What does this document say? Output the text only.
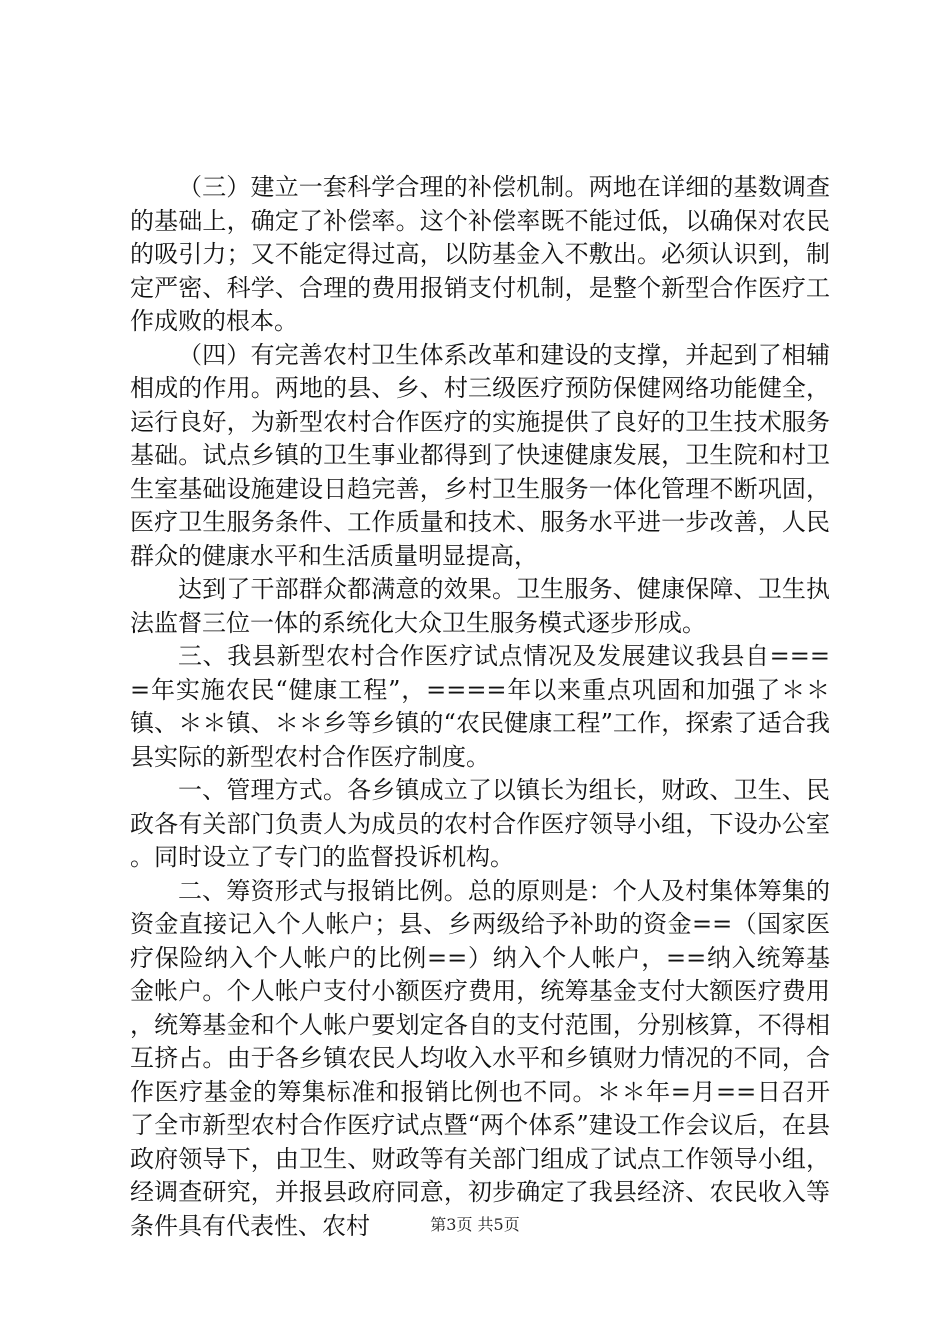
（三）建立一套科学合理的补偿机制。两地在详细的基数调查的基础上，确定了补偿率。这个补偿率既不能过低，以确保对农民的吸引力；又不能定得过高，以防基金入不敷出。必须认识到，制定严密、科学、合理的费用报销支付机制，是整个新型合作医疗工作成败的根本。

（四）有完善农村卫生体系改革和建设的支撑，并起到了相辅相成的作用。两地的县、乡、村三级医疗预防保健网络功能健全，运行良好，为新型农村合作医疗的实施提供了良好的卫生技术服务基础。试点乡镇的卫生事业都得到了快速健康发展，卫生院和村卫生室基础设施建设日趋完善，乡村卫生服务一体化管理不断巩固，医疗卫生服务条件、工作质量和技术、服务水平进一步改善，人民群众的健康水平和生活质量明显提高，

达到了干部群众都满意的效果。卫生服务、健康保障、卫生执法监督三位一体的系统化大众卫生服务模式逐步形成。

三、我县新型农村合作医疗试点情况及发展建议我县自====年实施农民“健康工程”，====年以来重点巩固和加强了＊＊镇、＊＊镇、＊＊乡等乡镇的“农民健康工程”工作，探索了适合我县实际的新型农村合作医疗制度。

一、管理方式。各乡镇成立了以镇长为组长，财政、卫生、民政各有关部门负责人为成员的农村合作医疗领导小组，下设办公室。同时设立了专门的监督投诉机构。

二、筹资形式与报销比例。总的原则是：个人及村集体筹集的资金直接记入个人帐户；县、乡两级给予补助的资金==（国家医疗保险纳入个人帐户的比例==）纳入个人帐户，==纳入统筹基金帐户。个人帐户支付小额医疗费用，统筹基金支付大额医疗费用，统筹基金和个人帐户要划定各自的支付范围，分别核算，不得相互挤占。由于各乡镇农民人均收入水平和乡镇财力情况的不同，合作医疗基金的筹集标准和报销比例也不同。＊＊年=月==日召开了全市新型农村合作医疗试点暨“两个体系”建设工作会议后，在县政府领导下，由卫生、财政等有关部门组成了试点工作领导小组，经调查研究，并报县政府同意，初步确定了我县经济、农民收入等条件具有代表性、农村	第3页 共5页
